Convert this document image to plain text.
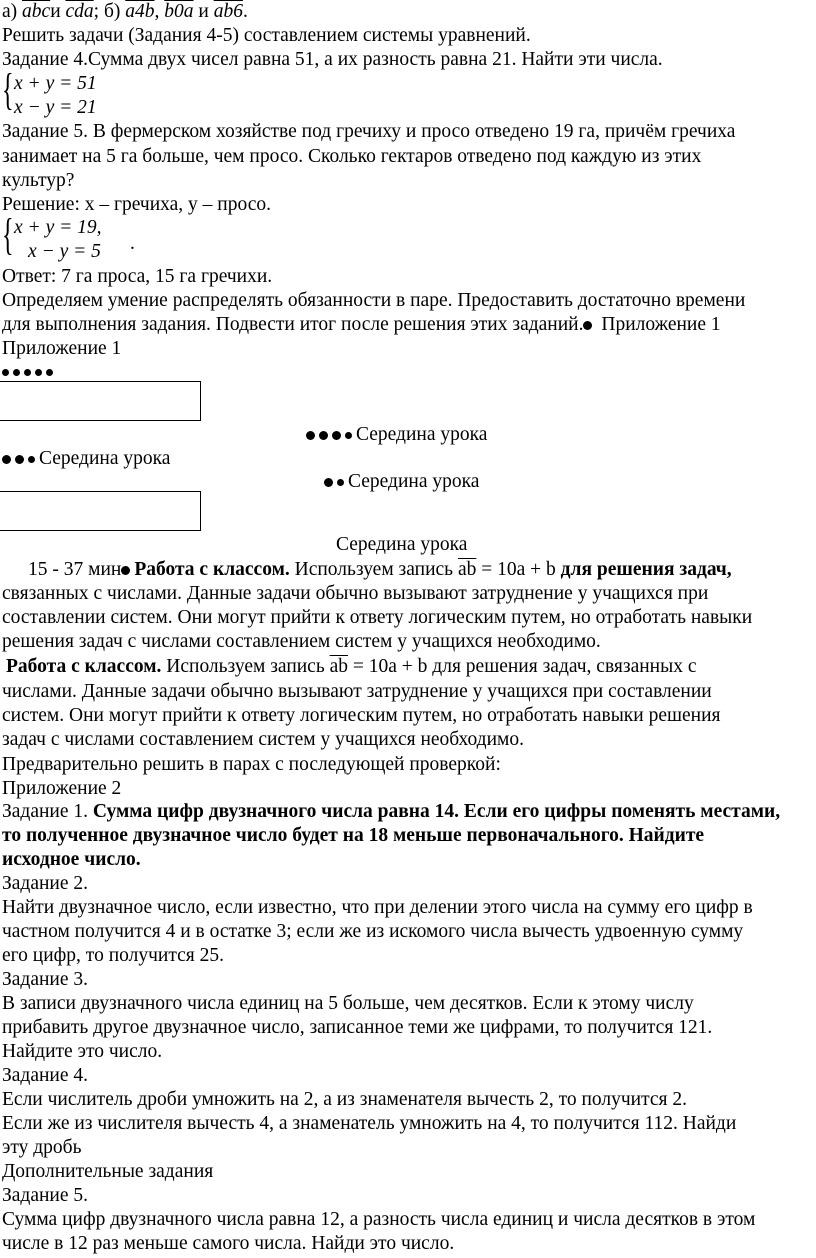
а) $\overline{abc}и$ $\overline{cda}$; б) a4b, b0a и ab6.
Решить задачи (Задания 4-5) составлением системы уравнений.
Задание 4.Сумма двух чисел равна 51, а их разность равна 21. Найти эти числа.
{ x + y = 51
x − y = 21
Задание 5. В фермерском хозяйстве под гречиху и просо отведено 19 га, причём гречиха
занимает на 5 га больше, чем просо. Сколько гектаров отведено под каждую из этих
культур?
Решение: x – гречиха, y – просо.
{ x + y = 19,
x − y = 5 .
Ответ: 7 га проса, 15 га гречихи.
Определяем умение распределять обязанности в паре. Предоставить достаточно времени
для выполнения задания. Подвести итог после решения этих заданий. Приложение 1
Приложение 1
Середина урока
Середина урока
Середина урока
Середина урока
15 - 37 мин Работа с классом. Используем запись $\overline{ab} = 10a + b$ для решения задач,
связанных с числами. Данные задачи обычно вызывают затруднение у учащихся при
составлении систем. Они могут прийти к ответу логическим путем, но отработать навыки
решения задач с числами составлением систем у учащихся необходимо.
Работа с классом. Используем запись $\overline{ab} = 10a + b$ для решения задач, связанных с
числами. Данные задачи обычно вызывают затруднение у учащихся при составлении
систем. Они могут прийти к ответу логическим путем, но отработать навыки решения
задач с числами составлением систем у учащихся необходимо.
Предварительно решить в парах с последующей проверкой:
Приложение 2
Задание 1. Сумма цифр двузначного числа равна 14. Если его цифры поменять местами,
то полученное двузначное число будет на 18 меньше первоначального. Найдите
исходное число.
Задание 2.
Найти двузначное число, если известно, что при делении этого числа на сумму его цифр в
частном получится 4 и в остатке 3; если же из искомого числа вычесть удвоенную сумму
его цифр, то получится 25.
Задание 3.
В записи двузначного числа единиц на 5 больше, чем десятков. Если к этому числу
прибавить другое двузначное число, записанное теми же цифрами, то получится 121.
Найдите это число.
Задание 4.
Если числитель дроби умножить на 2, а из знаменателя вычесть 2, то получится 2.
Если же из числителя вычесть 4, а знаменатель умножить на 4, то получится 112. Найди
эту дробь
Дополнительные задания
Задание 5.
Сумма цифр двузначного числа равна 12, а разность числа единиц и числа десятков в этом
числе в 12 раз меньше самого числа. Найди это число.
